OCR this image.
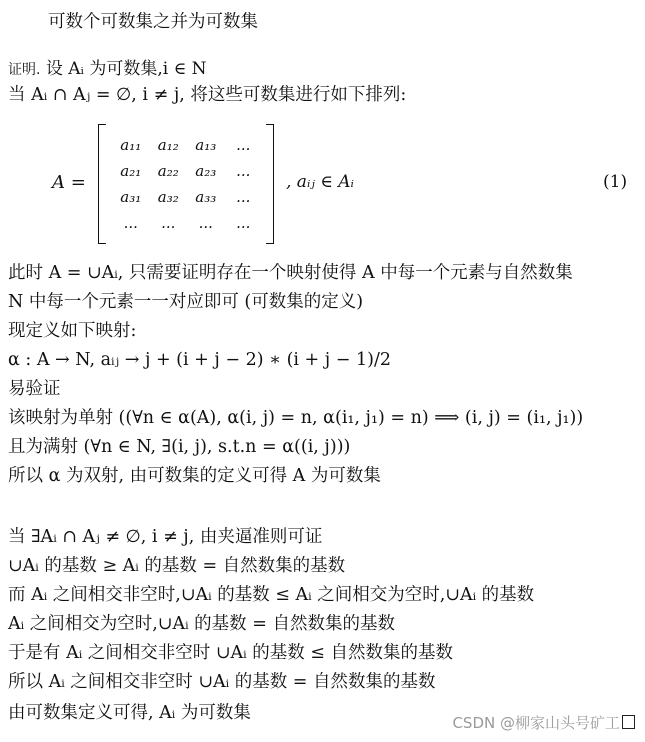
可数个可数集之并为可数集
证明. 设 Aᵢ 为可数集,i ∈ N
当 Aᵢ ∩ Aⱼ = ∅, i ≠ j, 将这些可数集进行如下排列:
A =
a₁₁ a₁₂ a₁₃ ...
a₂₁ a₂₂ a₂₃ ...
a₃₁ a₃₂ a₃₃ ...
... ... ... ...
, aᵢⱼ ∈ Aᵢ	(1)
此时 A = ∪Aᵢ, 只需要证明存在一个映射使得 A 中每一个元素与自然数集
N 中每一个元素一一对应即可 (可数集的定义)
现定义如下映射:
α : A → N, aᵢⱼ → j + (i + j − 2) ∗ (i + j − 1)/2
易验证
该映射为单射 ((∀n ∈ α(A), α(i, j) = n, α(i₁, j₁) = n) ⟹ (i, j) = (i₁, j₁))
且为满射 (∀n ∈ N, ∃(i, j), s.t.n = α((i, j)))
所以 α 为双射, 由可数集的定义可得 A 为可数集
当 ∃Aᵢ ∩ Aⱼ ≠ ∅, i ≠ j, 由夹逼准则可证
∪Aᵢ 的基数 ≥ Aᵢ 的基数 = 自然数集的基数
而 Aᵢ 之间相交非空时,∪Aᵢ 的基数 ≤ Aᵢ 之间相交为空时,∪Aᵢ 的基数
Aᵢ 之间相交为空时,∪Aᵢ 的基数 = 自然数集的基数
于是有 Aᵢ 之间相交非空时 ∪Aᵢ 的基数 ≤ 自然数集的基数
所以 Aᵢ 之间相交非空时 ∪Aᵢ 的基数 = 自然数集的基数
由可数集定义可得, Aᵢ 为可数集	CSDN @柳家山头号矿工
